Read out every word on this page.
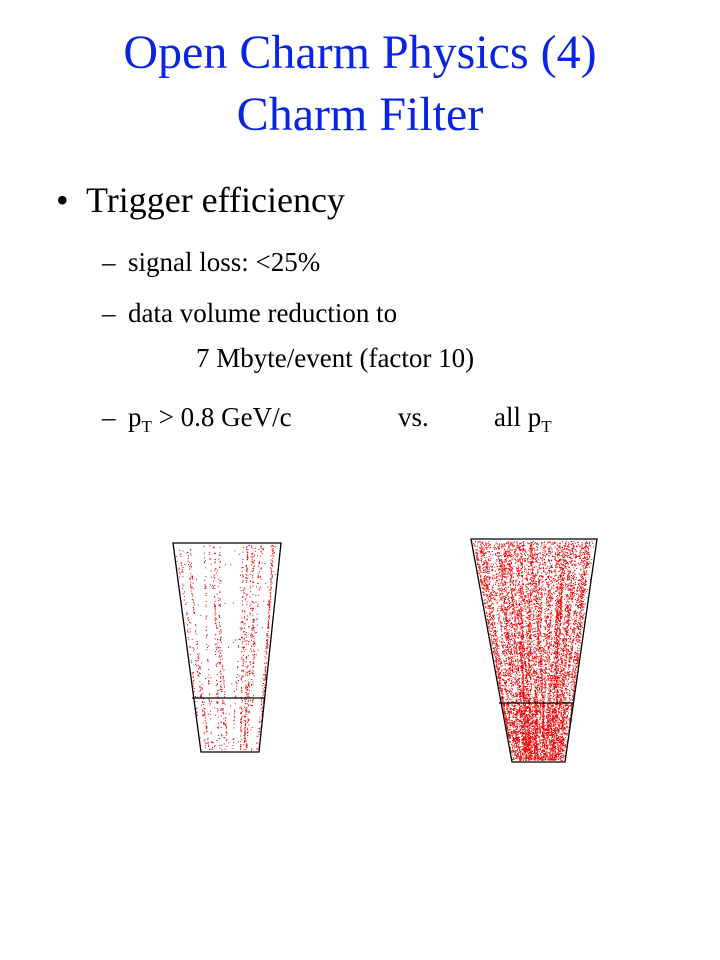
Open Charm Physics (4)
Charm Filter
• Trigger efficiency
– signal loss: <25%
– data volume reduction to
7 Mbyte/event (factor 10)
– $p_T > 0.8$ GeV/c	vs. all $p_T$
